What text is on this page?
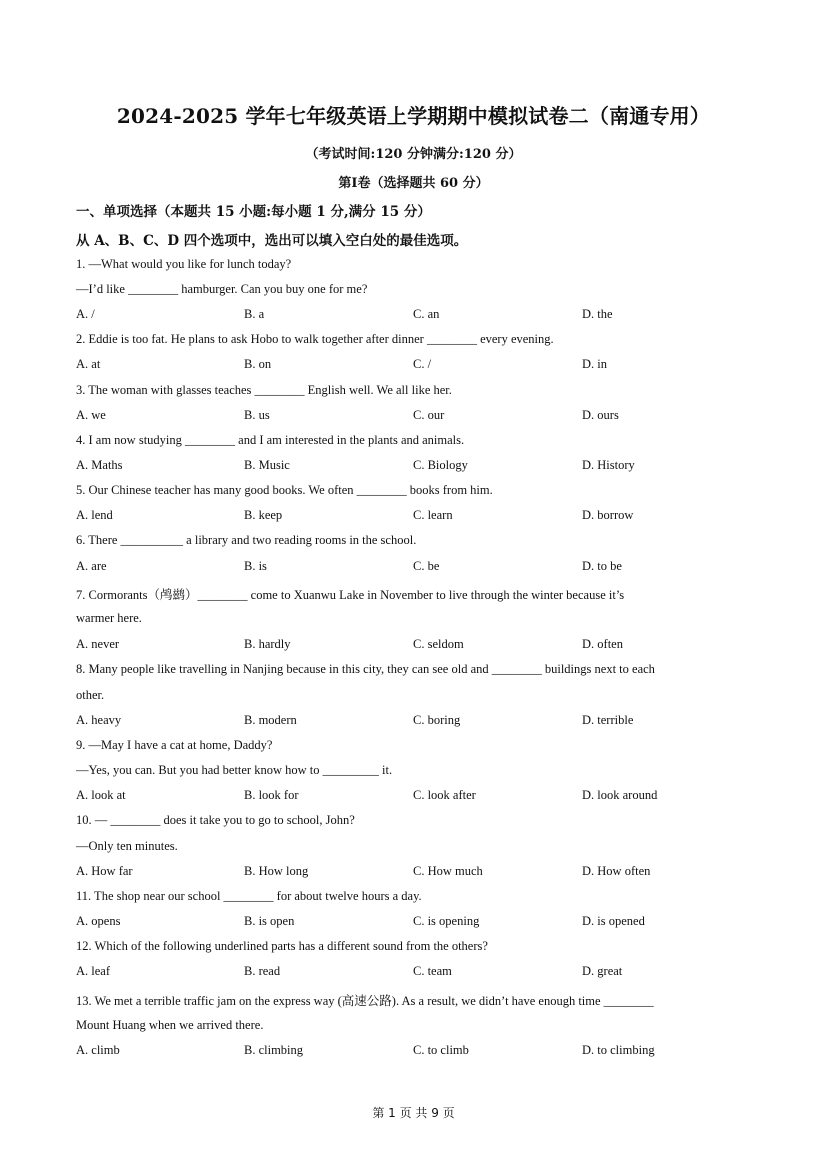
2024-2025 学年七年级英语上学期期中模拟试卷二（南通专用）
（考试时间:120 分钟满分:120 分）
第Ⅰ卷（选择题共 60 分）
一、单项选择（本题共 15 小题:每小题 1 分,满分 15 分）
从 A、B、C、D 四个选项中，选出可以填入空白处的最佳选项。
1. —What would you like for lunch today?
—I’d like ________ hamburger. Can you buy one for me?
A. /	B. a	C. an	D. the
2. Eddie is too fat. He plans to ask Hobo to walk together after dinner ________ every evening.
A. at	B. on	C. /	D. in
3. The woman with glasses teaches ________ English well. We all like her.
A. we	B. us	C. our	D. ours
4. I am now studying ________ and I am interested in the plants and animals.
A. Maths	B. Music	C. Biology	D. History
5. Our Chinese teacher has many good books. We often ________ books from him.
A. lend	B. keep	C. learn	D. borrow
6. There __________ a library and two reading rooms in the school.
A. are	B. is	C. be	D. to be
7. Cormorants（鸬鹚）________ come to Xuanwu Lake in November to live through the winter because it’s
warmer here.
A. never	B. hardly	C. seldom	D. often
8. Many people like travelling in Nanjing because in this city, they can see old and ________ buildings next to each
other.
A. heavy	B. modern	C. boring	D. terrible
9. —May I have a cat at home, Daddy?
—Yes, you can. But you had better know how to _________ it.
A. look at	B. look for	C. look after	D. look around
10. — ________ does it take you to go to school, John?
—Only ten minutes.
A. How far	B. How long	C. How much	D. How often
11. The shop near our school ________ for about twelve hours a day.
A. opens	B. is open	C. is opening	D. is opened
12. Which of the following underlined parts has a different sound from the others?
A. leaf	B. read	C. team	D. great
13. We met a terrible traffic jam on the express way (高速公路). As a result, we didn’t have enough time ________
Mount Huang when we arrived there.
A. climb	B. climbing	C. to climb	D. to climbing
第 1 页 共 9 页
